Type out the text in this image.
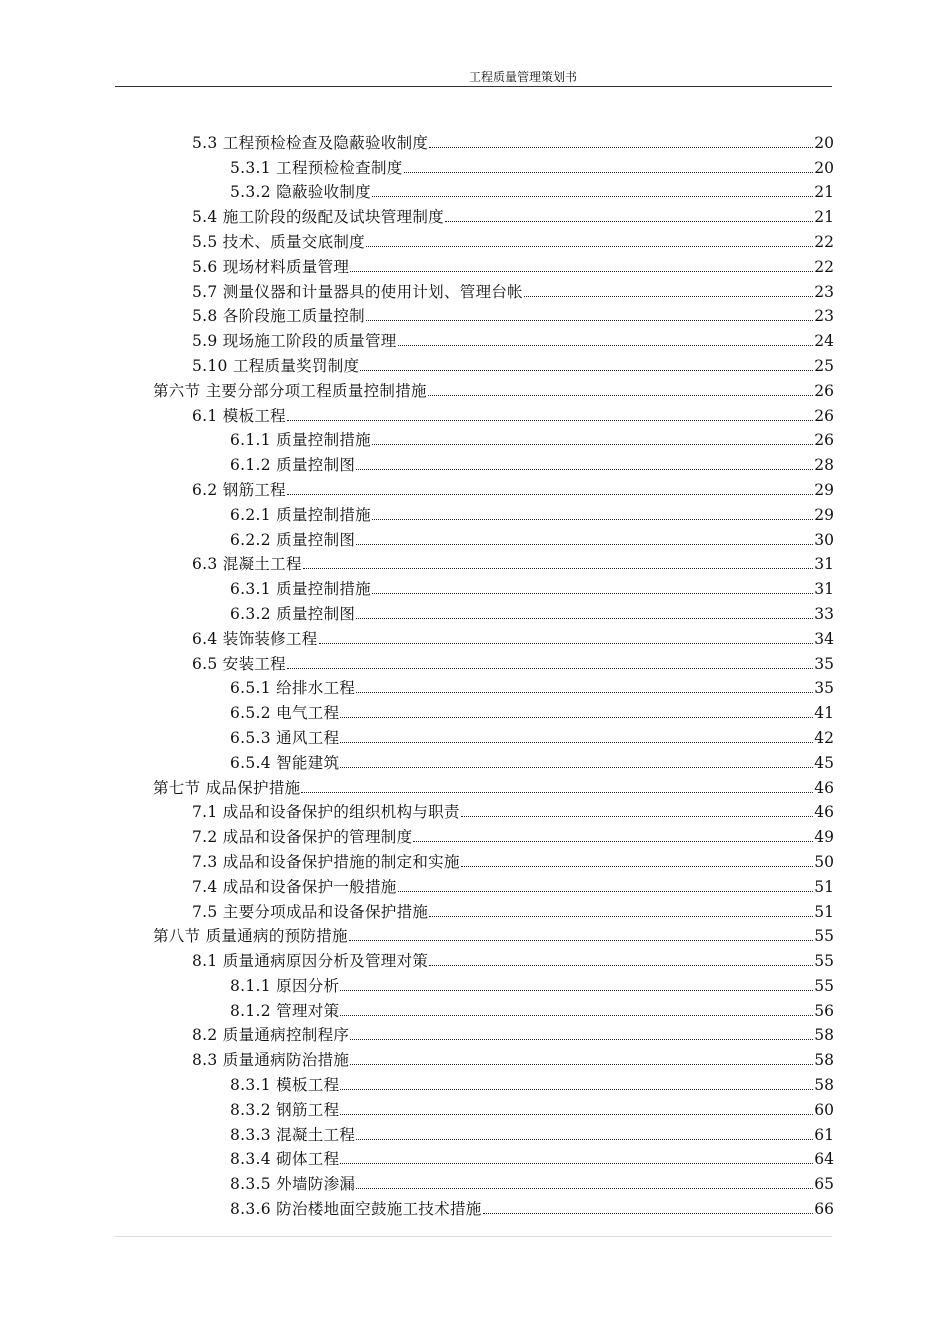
工程质量管理策划书
5.3 工程预检检查及隐蔽验收制度	20
5.3.1 工程预检检查制度	20
5.3.2 隐蔽验收制度	21
5.4 施工阶段的级配及试块管理制度	21
5.5 技术、质量交底制度	22
5.6 现场材料质量管理	22
5.7 测量仪器和计量器具的使用计划、管理台帐	23
5.8 各阶段施工质量控制	23
5.9 现场施工阶段的质量管理	24
5.10 工程质量奖罚制度	25
第六节 主要分部分项工程质量控制措施	26
6.1 模板工程	26
6.1.1 质量控制措施	26
6.1.2 质量控制图	28
6.2 钢筋工程	29
6.2.1 质量控制措施	29
6.2.2 质量控制图	30
6.3 混凝土工程	31
6.3.1 质量控制措施	31
6.3.2 质量控制图	33
6.4 装饰装修工程	34
6.5 安装工程	35
6.5.1 给排水工程	35
6.5.2 电气工程	41
6.5.3 通风工程	42
6.5.4 智能建筑	45
第七节 成品保护措施	46
7.1 成品和设备保护的组织机构与职责	46
7.2 成品和设备保护的管理制度	49
7.3 成品和设备保护措施的制定和实施	50
7.4 成品和设备保护一般措施	51
7.5 主要分项成品和设备保护措施	51
第八节 质量通病的预防措施	55
8.1 质量通病原因分析及管理对策	55
8.1.1 原因分析	55
8.1.2 管理对策	56
8.2 质量通病控制程序	58
8.3 质量通病防治措施	58
8.3.1 模板工程	58
8.3.2 钢筋工程	60
8.3.3 混凝土工程	61
8.3.4 砌体工程	64
8.3.5 外墙防渗漏	65
8.3.6 防治楼地面空鼓施工技术措施	66
